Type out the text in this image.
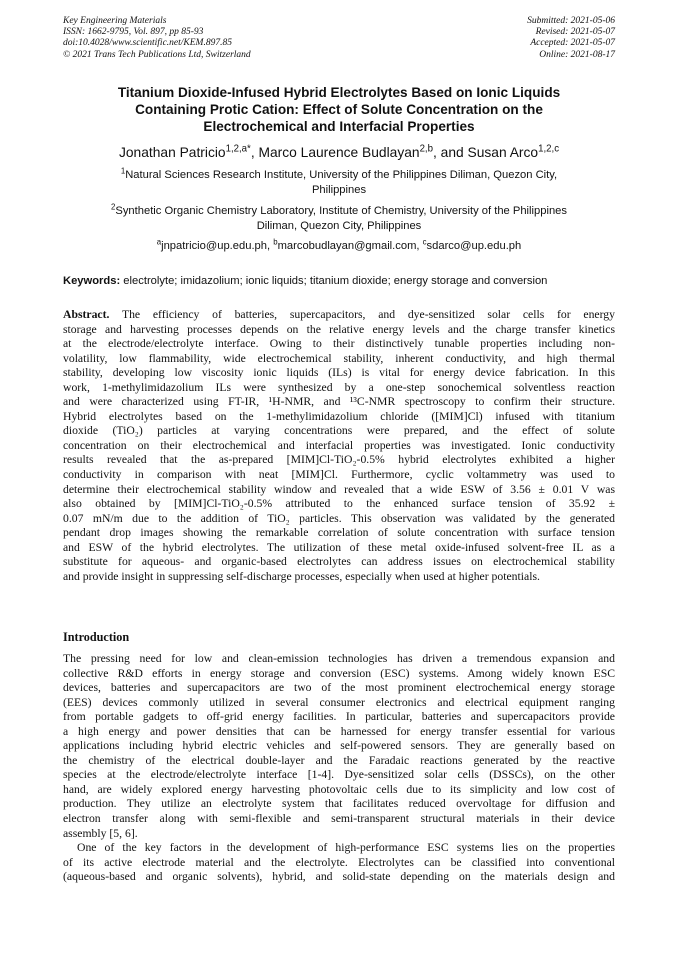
Key Engineering Materials
ISSN: 1662-9795, Vol. 897, pp 85-93
doi:10.4028/www.scientific.net/KEM.897.85
© 2021 Trans Tech Publications Ltd, Switzerland
Submitted: 2021-05-06
Revised: 2021-05-07
Accepted: 2021-05-07
Online: 2021-08-17
Titanium Dioxide-Infused Hybrid Electrolytes Based on Ionic Liquids
Containing Protic Cation: Effect of Solute Concentration on the
Electrochemical and Interfacial Properties
Jonathan Patricio$^{1,2,a*}$, Marco Laurence Budlayan$^{2,b}$, and Susan Arco$^{1,2,c}$
$^1$Natural Sciences Research Institute, University of the Philippines Diliman, Quezon City,
Philippines
$^2$Synthetic Organic Chemistry Laboratory, Institute of Chemistry, University of the Philippines
Diliman, Quezon City, Philippines
$^a$jnpatricio@up.edu.ph, $^b$marcobudlayan@gmail.com, $^c$sdarco@up.edu.ph
Keywords: electrolyte; imidazolium; ionic liquids; titanium dioxide; energy storage and conversion
Abstract. The efficiency of batteries, supercapacitors, and dye-sensitized solar cells for energy
storage and harvesting processes depends on the relative energy levels and the charge transfer kinetics
at the electrode/electrolyte interface. Owing to their distinctively tunable properties including non-
volatility, low flammability, wide electrochemical stability, inherent conductivity, and high thermal
stability, developing low viscosity ionic liquids (ILs) is vital for energy device fabrication. In this
work, 1-methylimidazolium ILs were synthesized by a one-step sonochemical solventless reaction
and were characterized using FT-IR, ¹H-NMR, and ¹³C-NMR spectroscopy to confirm their structure.
Hybrid electrolytes based on the 1-methylimidazolium chloride ([MIM]Cl) infused with titanium
dioxide (TiO₂) particles at varying concentrations were prepared, and the effect of solute
concentration on their electrochemical and interfacial properties was investigated. Ionic conductivity
results revealed that the as-prepared [MIM]Cl-TiO₂-0.5% hybrid electrolytes exhibited a higher
conductivity in comparison with neat [MIM]Cl. Furthermore, cyclic voltammetry was used to
determine their electrochemical stability window and revealed that a wide ESW of 3.56 ± 0.01 V was
also obtained by [MIM]Cl-TiO₂-0.5% attributed to the enhanced surface tension of 35.92 ±
0.07 mN/m due to the addition of TiO₂ particles. This observation was validated by the generated
pendant drop images showing the remarkable correlation of solute concentration with surface tension
and ESW of the hybrid electrolytes. The utilization of these metal oxide-infused solvent-free IL as a
substitute for aqueous- and organic-based electrolytes can address issues on electrochemical stability
and provide insight in suppressing self-discharge processes, especially when used at higher potentials.
Introduction
The pressing need for low and clean-emission technologies has driven a tremendous expansion and
collective R&D efforts in energy storage and conversion (ESC) systems. Among widely known ESC
devices, batteries and supercapacitors are two of the most prominent electrochemical energy storage
(EES) devices commonly utilized in several consumer electronics and electrical equipment ranging
from portable gadgets to off-grid energy facilities. In particular, batteries and supercapacitors provide
a high energy and power densities that can be harnessed for energy transfer essential for various
applications including hybrid electric vehicles and self-powered sensors. They are generally based on
the chemistry of the electrical double-layer and the Faradaic reactions generated by the reactive
species at the electrode/electrolyte interface [1-4]. Dye-sensitized solar cells (DSSCs), on the other
hand, are widely explored energy harvesting photovoltaic cells due to its simplicity and low cost of
production. They utilize an electrolyte system that facilitates reduced overvoltage for diffusion and
electron transfer along with semi-flexible and semi-transparent structural materials in their device
assembly [5, 6].
One of the key factors in the development of high-performance ESC systems lies on the properties
of its active electrode material and the electrolyte. Electrolytes can be classified into conventional
(aqueous-based and organic solvents), hybrid, and solid-state depending on the materials design and
